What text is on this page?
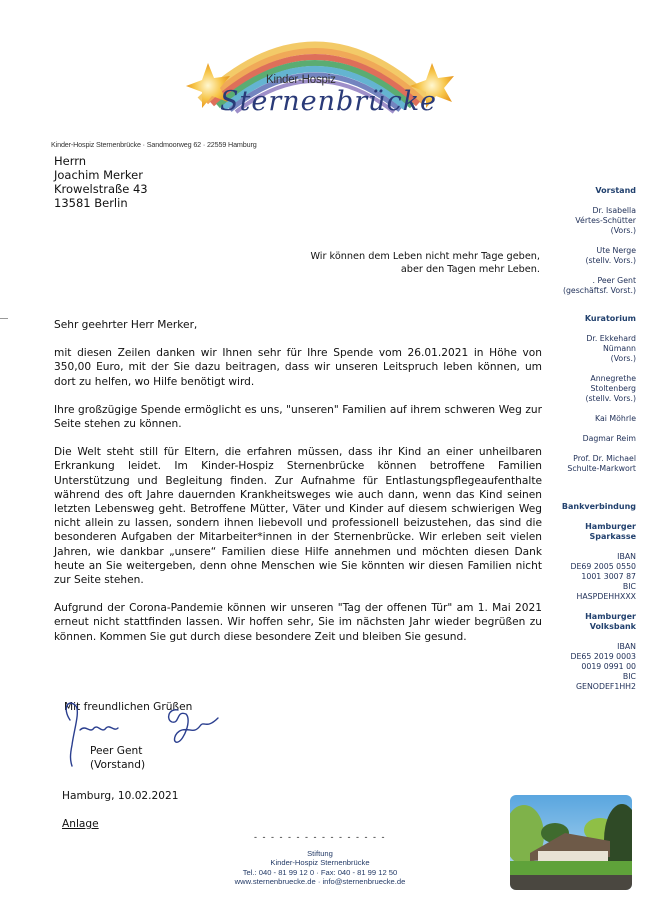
Kinder-Hospiz
Sternenbrücke
Kinder-Hospiz Sternenbrücke · Sandmoorweg 62 · 22559 Hamburg
Herrn
Joachim Merker
Krowelstraße 43
13581 Berlin
Wir können dem Leben nicht mehr Tage geben,
aber den Tagen mehr Leben.
Vorstand
Dr. Isabella
Vértes-Schütter
(Vors.)
Ute Nerge
(stellv. Vors.)
. Peer Gent
(geschäftsf. Vorst.)
Kuratorium
Dr. Ekkehard
Nümann
(Vors.)
Annegrethe
Stoltenberg
(stellv. Vors.)
Kai Möhrle
Dagmar Reim
Prof. Dr. Michael
Schulte-Markwort
Bankverbindung
Hamburger
Sparkasse
IBAN
DE69 2005 0550
1001 3007 87
BIC
HASPDEHHXXX
Hamburger
Volksbank
IBAN
DE65 2019 0003
0019 0991 00
BIC
GENODEF1HH2

Sehr geehrter Herr Merker,

mit diesen Zeilen danken wir Ihnen sehr für Ihre Spende vom 26.01.2021 in Höhe von 350,00 Euro, mit der Sie dazu beitragen, dass wir unseren Leitspruch leben können, um dort zu helfen, wo Hilfe benötigt wird.

Ihre großzügige Spende ermöglicht es uns, "unseren" Familien auf ihrem schweren Weg zur Seite stehen zu können.

Die Welt steht still für Eltern, die erfahren müssen, dass ihr Kind an einer unheilbaren Erkrankung leidet. Im Kinder-Hospiz Sternenbrücke können betroffene Familien Unterstützung und Begleitung finden. Zur Aufnahme für Entlastungspflegeaufenthalte während des oft Jahre dauernden Krankheitsweges wie auch dann, wenn das Kind seinen letzten Lebensweg geht. Betroffene Mütter, Väter und Kinder auf diesem schwierigen Weg nicht allein zu lassen, sondern ihnen liebevoll und professionell beizustehen, das sind die besonderen Aufgaben der Mitarbeiter*innen in der Sternenbrücke. Wir erleben seit vielen Jahren, wie dankbar „unsere“ Familien diese Hilfe annehmen und möchten diesen Dank heute an Sie weitergeben, denn ohne Menschen wie Sie könnten wir diesen Familien nicht zur Seite stehen.

Aufgrund der Corona-Pandemie können wir unseren "Tag der offenen Tür" am 1. Mai 2021 erneut nicht stattfinden lassen. Wir hoffen sehr, Sie im nächsten Jahr wieder begrüßen zu können. Kommen Sie gut durch diese besondere Zeit und bleiben Sie gesund.

Mit freundlichen Grüßen
Peer Gent
(Vorstand)
Hamburg, 10.02.2021
Anlage
- - - - - - - - - - - - - - - -
Stiftung
Kinder-Hospiz Sternenbrücke
Tel.: 040 - 81 99 12 0 · Fax: 040 - 81 99 12 50
www.sternenbruecke.de · info@sternenbruecke.de
